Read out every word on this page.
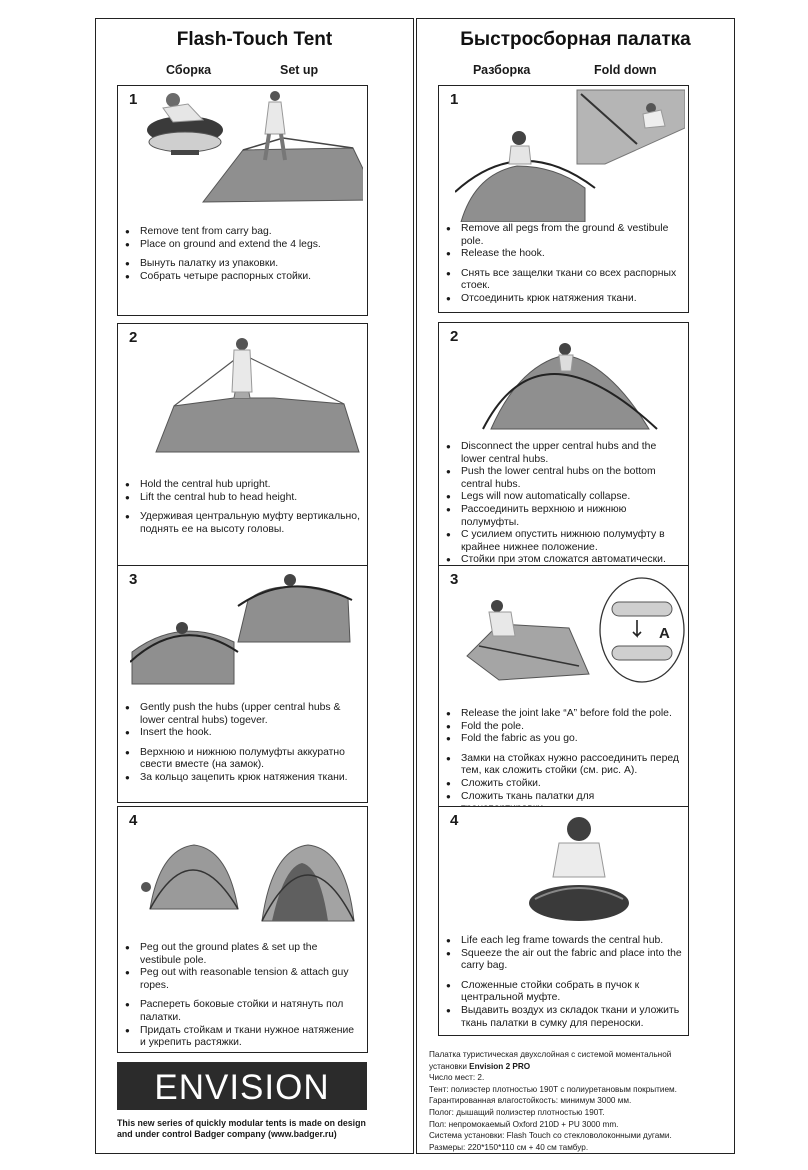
Flash-Touch Tent
Сборка	Set up
1
● Remove tent from carry bag.
● Place on ground and extend the 4 legs.
● Вынуть палатку из упаковки.
● Собрать четыре распорных стойки.
2
● Hold the central hub upright.
● Lift the central hub to head height.
● Удерживая центральную муфту вертикально, поднять ее на высоту головы.
3
● Gently push the hubs (upper central hubs & lower central hubs) togever.
● Insert the hook.
● Верхнюю и нижнюю полумуфты аккуратно свести вместе (на замок).
● За кольцо зацепить крюк натяжения ткани.
4
● Peg out the ground plates & set up the vestibule pole.
● Peg out with reasonable tension & attach guy ropes.
● Распереть боковые стойки и натянуть пол палатки.
● Придать стойкам и ткани нужное натяжение и укрепить растяжки.
ENVISION
This new series of quickly modular tents is made on design and under control Badger company (www.badger.ru)
Быстросборная палатка
Разборка	Fold down
1
● Remove all pegs from the ground & vestibule pole.
● Release the hook.
● Снять все защелки ткани со всех распорных стоек.
● Отсоединить крюк натяжения ткани.
2
● Disconnect the upper central hubs and the lower central hubs.
● Push the lower central hubs on the bottom central hubs.
● Legs will now automatically collapse.
● Рассоединить верхнюю и нижнюю полумуфты.
● С усилием опустить нижнюю полумуфту в крайнее нижнее положение.
● Стойки при этом сложатся автоматически.
3
A
● Release the joint lake “A” before fold the pole.
● Fold the pole.
● Fold the fabric as you go.
● Замки на стойках нужно рассоединить перед тем, как сложить стойки (см. рис. А).
● Сложить стойки.
● Сложить ткань палатки для
4
● Life each leg frame towards the central hub.
● Squeeze the air out the fabric and place into the carry bag.
● Сложенные стойки собрать в пучок к центральной муфте.
● Выдавить воздух из складок ткани и уложить ткань палатки в сумку для переноски.
Палатка туристическая двухслойная с системой моментальной
установки Envision 2 PRO
Число мест: 2.
Тент: полиэстер плотностью 190Т с полиуретановым покрытием.
Гарантированная влагостойкость: минимум 3000 мм.
Полог: дышащий полиэстер плотностью 190Т.
Пол: непромокаемый Oxford 210D + PU 3000 mm.
Система установки: Flash Touch со стекловолоконными дугами.
Размеры: 220*150*110 см + 40 см тамбур.
